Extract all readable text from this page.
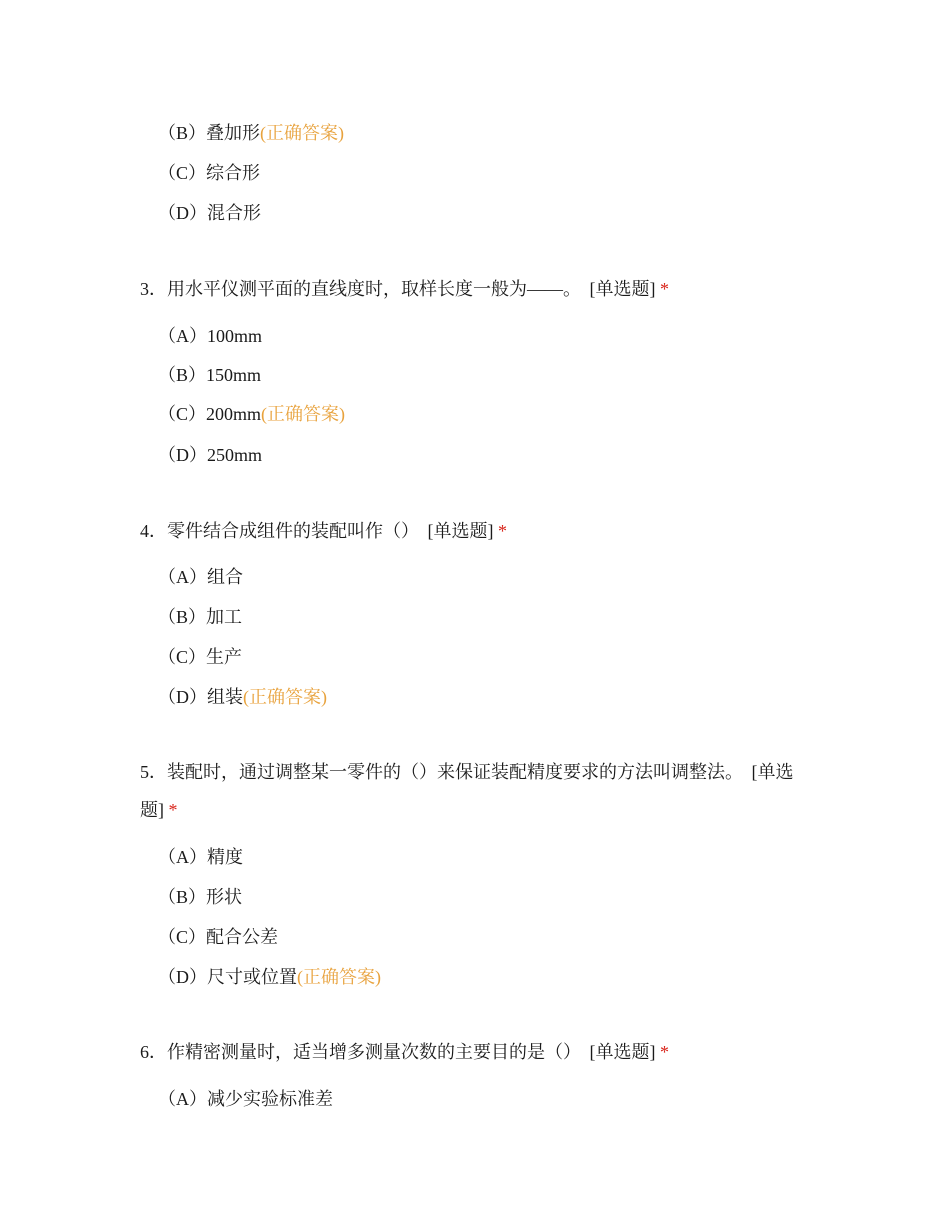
（B）叠加形(正确答案)
（C）综合形
（D）混合形
3．用水平仪测平面的直线度时，取样长度一般为——。 [单选题] *
（A）100mm
（B）150mm
（C）200mm(正确答案)
（D）250mm
4．零件结合成组件的装配叫作（） [单选题] *
（A）组合
（B）加工
（C）生产
（D）组装(正确答案)
5．装配时，通过调整某一零件的（）来保证装配精度要求的方法叫调整法。 [单选题] *
（A）精度
（B）形状
（C）配合公差
（D）尺寸或位置(正确答案)
6．作精密测量时，适当增多测量次数的主要目的是（） [单选题] *
（A）减少实验标准差
